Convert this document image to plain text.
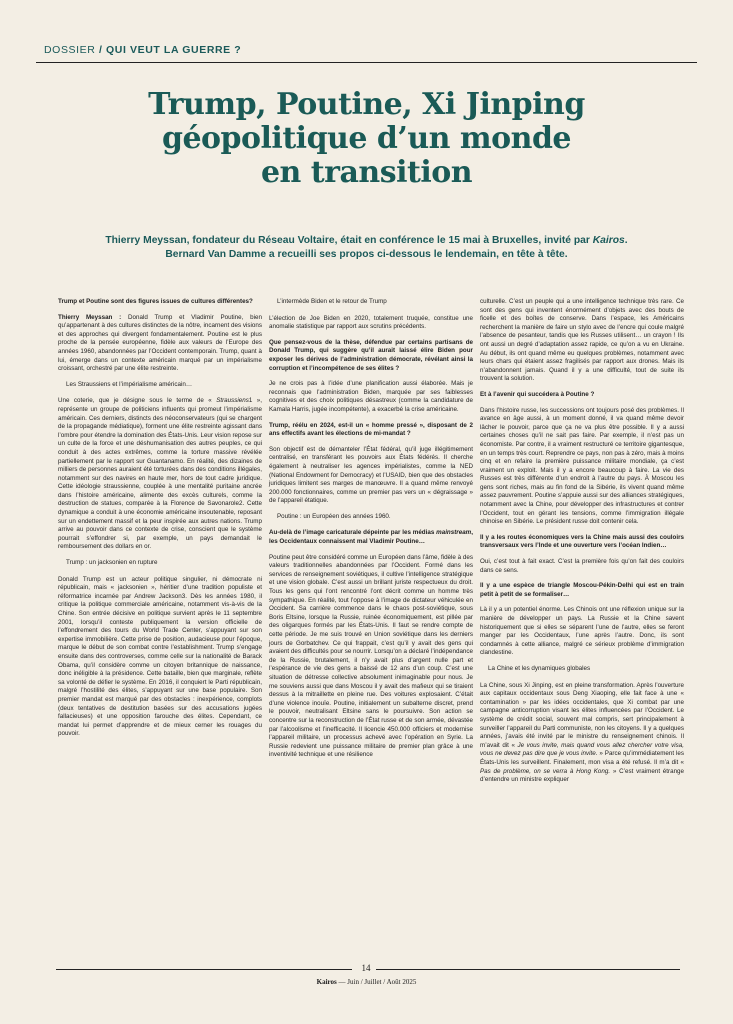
DOSSIER / QUI VEUT LA GUERRE ?
Trump, Poutine, Xi Jinping
géopolitique d’un monde
en transition
Thierry Meyssan, fondateur du Réseau Voltaire, était en conférence le 15 mai à Bruxelles, invité par Kairos.
Bernard Van Damme a recueilli ses propos ci-dessous le lendemain, en tête à tête.

Trump et Poutine sont des figures issues de cultures différentes?

Thierry Meyssan : Donald Trump et Vladimir Poutine, bien qu’appartenant à des cultures distinctes de la nôtre, incarnent des visions et des approches qui divergent fondamentalement. Poutine est le plus proche de la pensée européenne, fidèle aux valeurs de l’Europe des années 1960, abandonnées par l’Occident contemporain. Trump, quant à lui, émerge dans un contexte américain marqué par un impérialisme croissant, orchestré par une élite restreinte.

Les Straussiens et l’impérialisme américain…

Une coterie, que je désigne sous le terme de « Straussiens1 », représente un groupe de politiciens influents qui promeut l’impérialisme américain. Ces derniers, distincts des néoconservateurs (qui se chargent de la propagande médiatique), forment une élite restreinte agissant dans l’ombre pour étendre la domination des États-Unis. Leur vision repose sur un culte de la force et une déshumanisation des autres peuples, ce qui conduit à des actes extrêmes, comme la torture massive révélée partiellement par le rapport sur Guantanamo. En réalité, des dizaines de milliers de personnes auraient été torturées dans des conditions illégales, notamment sur des navires en haute mer, hors de tout cadre juridique. Cette idéologie straussienne, couplée à une mentalité puritaine ancrée dans l’histoire américaine, alimente des excès culturels, comme la destruction de statues, comparée à la Florence de Savonarole2. Cette dynamique a conduit à une économie américaine insoutenable, reposant sur un endettement massif et la peur inspirée aux autres nations. Trump arrive au pouvoir dans ce contexte de crise, conscient que le système pourrait s’effondrer si, par exemple, un pays demandait le remboursement des dollars en or.

Trump : un jacksonien en rupture

Donald Trump est un acteur politique singulier, ni démocrate ni républicain, mais « jacksonien », héritier d’une tradition populiste et réformatrice incarnée par Andrew Jackson3. Dès les années 1980, il critique la politique commerciale américaine, notamment vis-à-vis de la Chine. Son entrée décisive en politique survient après le 11 septembre 2001, lorsqu’il conteste publiquement la version officielle de l’effondrement des tours du World Trade Center, s’appuyant sur son expertise immobilière. Cette prise de position, audacieuse pour l’époque, marque le début de son combat contre l’establishment. Trump s’engage ensuite dans des controverses, comme celle sur la nationalité de Barack Obama, qu’il considère comme un citoyen britannique de naissance, donc inéligible à la présidence. Cette bataille, bien que marginale, reflète sa volonté de défier le système. En 2016, il conquiert le Parti républicain, malgré l’hostilité des élites, s’appuyant sur une base populaire. Son premier mandat est marqué par des obstacles : inexpérience, complots (deux tentatives de destitution basées sur des accusations jugées fallacieuses) et une opposition farouche des élites. Cependant, ce mandat lui permet d’apprendre et de mieux cerner les rouages du pouvoir.

L’intermède Biden et le retour de Trump

L’élection de Joe Biden en 2020, totalement truquée, constitue une anomalie statistique par rapport aux scrutins précédents.

Que pensez-vous de la thèse, défendue par certains partisans de Donald Trump, qui suggère qu’il aurait laissé élire Biden pour exposer les dérives de l’administration démocrate, révélant ainsi la corruption et l’incompétence de ses élites ?

Je ne crois pas à l’idée d’une planification aussi élaborée. Mais je reconnais que l’administration Biden, marquée par ses faiblesses cognitives et des choix politiques désastreux (comme la candidature de Kamala Harris, jugée incompétente), a exacerbé la crise américaine.

Trump, réélu en 2024, est-il un « homme pressé », disposant de 2 ans effectifs avant les élections de mi-mandat ?

Son objectif est de démanteler l’État fédéral, qu’il juge illégitimement centralisé, en transférant les pouvoirs aux États fédérés. Il cherche également à neutraliser les agences impérialistes, comme la NED (National Endowment for Democracy) et l’USAID, bien que des obstacles juridiques limitent ses marges de manœuvre. Il a quand même renvoyé 200.000 fonctionnaires, comme un premier pas vers un « dégraissage » de l’appareil étatique.

Poutine : un Européen des années 1960.

Au-delà de l’image caricaturale dépeinte par les médias mainstream, les Occidentaux connaissent mal Vladimir Poutine…

Poutine peut être considéré comme un Européen dans l’âme, fidèle à des valeurs traditionnelles abandonnées par l’Occident. Formé dans les services de renseignement soviétiques, il cultive l’intelligence stratégique et une vision globale. C’est aussi un brillant juriste respectueux du droit. Tous les gens qui l’ont rencontré l’ont décrit comme un homme très sympathique. En réalité, tout l’oppose à l’image de dictateur véhiculée en Occident. Sa carrière commence dans le chaos post-soviétique, sous Boris Eltsine, lorsque la Russie, ruinée économiquement, est pillée par des oligarques formés par les États-Unis. Il faut se rendre compte de cette période. Je me suis trouvé en Union soviétique dans les derniers jours de Gorbatchev. Ce qui frappait, c’est qu’il y avait des gens qui avaient des difficultés pour se nourrir. Lorsqu’on a déclaré l’indépendance de la Russie, brutalement, il n’y avait plus d’argent nulle part et l’espérance de vie des gens a baissé de 12 ans d’un coup. C’est une situation de détresse collective absolument inimaginable pour nous. Je me souviens aussi que dans Moscou il y avait des mafieux qui se tiraient dessus à la mitraillette en pleine rue. Des voitures explosaient. C’était d’une violence inouïe. Poutine, initialement un subalterne discret, prend le pouvoir, neutralisant Eltsine sans le poursuivre. Son action se concentre sur la reconstruction de l’État russe et de son armée, dévastée par l’alcoolisme et l’inefficacité. Il licencie 450.000 officiers et modernise l’appareil militaire, un processus achevé avec l’opération en Syrie. La Russie redevient une puissance militaire de premier plan grâce à une inventivité technique et une résilience

culturelle. C’est un peuple qui a une intelligence technique très rare. Ce sont des gens qui inventent énormément d’objets avec des bouts de ficelle et des boîtes de conserve. Dans l’espace, les Américains recherchent la manière de faire un stylo avec de l’encre qui coule malgré l’absence de pesanteur, tandis que les Russes utilisent… un crayon ! Ils ont aussi un degré d’adaptation assez rapide, ce qu’on a vu en Ukraine. Au début, ils ont quand même eu quelques problèmes, notamment avec leurs chars qui étaient assez fragilisés par rapport aux drones. Mais ils n’abandonnent jamais. Quand il y a une difficulté, tout de suite ils trouvent la solution.

Et à l’avenir qui succédera à Poutine ?

Dans l’histoire russe, les successions ont toujours posé des problèmes. Il avance en âge aussi, à un moment donné, il va quand même devoir lâcher le pouvoir, parce que ça ne va plus être possible. Il y a aussi certaines choses qu’il ne sait pas faire. Par exemple, il n’est pas un économiste. Par contre, il a vraiment restructuré ce territoire gigantesque, en un temps très court. Reprendre ce pays, non pas à zéro, mais à moins cinq et en refaire la première puissance militaire mondiale, ça c’est vraiment un exploit. Mais il y a encore beaucoup à faire. La vie des Russes est très différente d’un endroit à l’autre du pays. À Moscou les gens sont riches, mais au fin fond de la Sibérie, ils vivent quand même assez pauvrement. Poutine s’appuie aussi sur des alliances stratégiques, notamment avec la Chine, pour développer des infrastructures et contrer l’Occident, tout en gérant les tensions, comme l’immigration illégale chinoise en Sibérie. Le président russe doit contenir cela.

Il y a les routes économiques vers la Chine mais aussi des couloirs transversaux vers l’Inde et une ouverture vers l’océan Indien…

Oui, c’est tout à fait exact. C’est la première fois qu’on fait des couloirs dans ce sens.

Il y a une espèce de triangle Moscou-Pékin-Delhi qui est en train petit à petit de se formaliser…

Là il y a un potentiel énorme. Les Chinois ont une réflexion unique sur la manière de développer un pays. La Russie et la Chine savent historiquement que si elles se séparent l’une de l’autre, elles se feront manger par les Occidentaux, l’une après l’autre. Donc, ils sont condamnés à cette alliance, malgré ce sérieux problème d’immigration clandestine.

La Chine et les dynamiques globales

La Chine, sous Xi Jinping, est en pleine transformation. Après l’ouverture aux capitaux occidentaux sous Deng Xiaoping, elle fait face à une « contamination » par les idées occidentales, que Xi combat par une campagne anticorruption visant les élites influencées par l’Occident. Le système de crédit social, souvent mal compris, sert principalement à surveiller l’appareil du Parti communiste, non les citoyens. Il y a quelques années, j’avais été invité par le ministre du renseignement chinois. Il m’avait dit « Je vous invite, mais quand vous allez chercher votre visa, vous ne devez pas dire que je vous invite. » Parce qu’immédiatement les États-Unis les surveillent. Finalement, mon visa a été refusé. Il m’a dit « Pas de problème, on se verra à Hong Kong. » C’est vraiment étrange d’entendre un ministre expliquer

14
Kairos — Juin / Juillet / Août 2025
